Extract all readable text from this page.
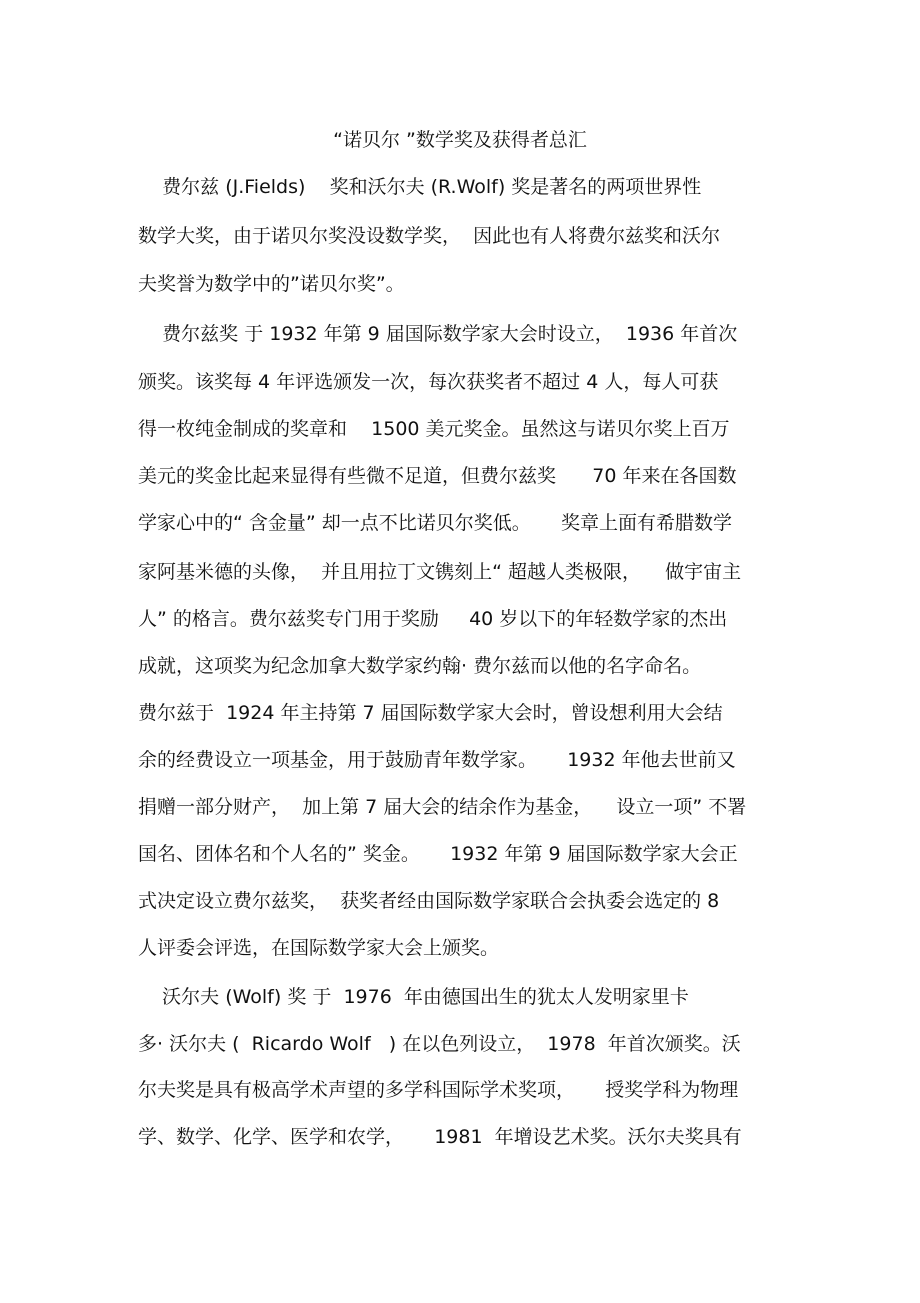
“诺贝尔 ”数学奖及获得者总汇
费尔兹 (J.Fields)    奖和沃尔夫 (R.Wolf) 奖是著名的两项世界性
数学大奖，由于诺贝尔奖没设数学奖，  因此也有人将费尔兹奖和沃尔
夫奖誉为数学中的”诺贝尔奖”。
费尔兹奖 于 1932 年第 9 届国际数学家大会时设立，  1936 年首次
颁奖。该奖每 4 年评选颁发一次，每次获奖者不超过 4 人，每人可获
得一枚纯金制成的奖章和    1500 美元奖金。虽然这与诺贝尔奖上百万
美元的奖金比起来显得有些微不足道，但费尔兹奖      70 年来在各国数
学家心中的“ 含金量” 却一点不比诺贝尔奖低。     奖章上面有希腊数学
家阿基米德的头像，  并且用拉丁文镌刻上“ 超越人类极限，    做宇宙主
人” 的格言。费尔兹奖专门用于奖励     40 岁以下的年轻数学家的杰出
成就，这项奖为纪念加拿大数学家约翰· 费尔兹而以他的名字命名。
费尔兹于  1924 年主持第 7 届国际数学家大会时，曾设想利用大会结
余的经费设立一项基金，用于鼓励青年数学家。     1932 年他去世前又
捐赠一部分财产，  加上第 7 届大会的结余作为基金，    设立一项” 不署
国名、团体名和个人名的” 奖金。     1932 年第 9 届国际数学家大会正
式决定设立费尔兹奖，  获奖者经由国际数学家联合会执委会选定的 8
人评委会评选，在国际数学家大会上颁奖。
沃尔夫 (Wolf) 奖 于  1976  年由德国出生的犹太人发明家里卡
多· 沃尔夫 (  Ricardo Wolf   ) 在以色列设立，  1978  年首次颁奖。沃
尔夫奖是具有极高学术声望的多学科国际学术奖项，     授奖学科为物理
学、数学、化学、医学和农学，     1981  年增设艺术奖。沃尔夫奖具有
